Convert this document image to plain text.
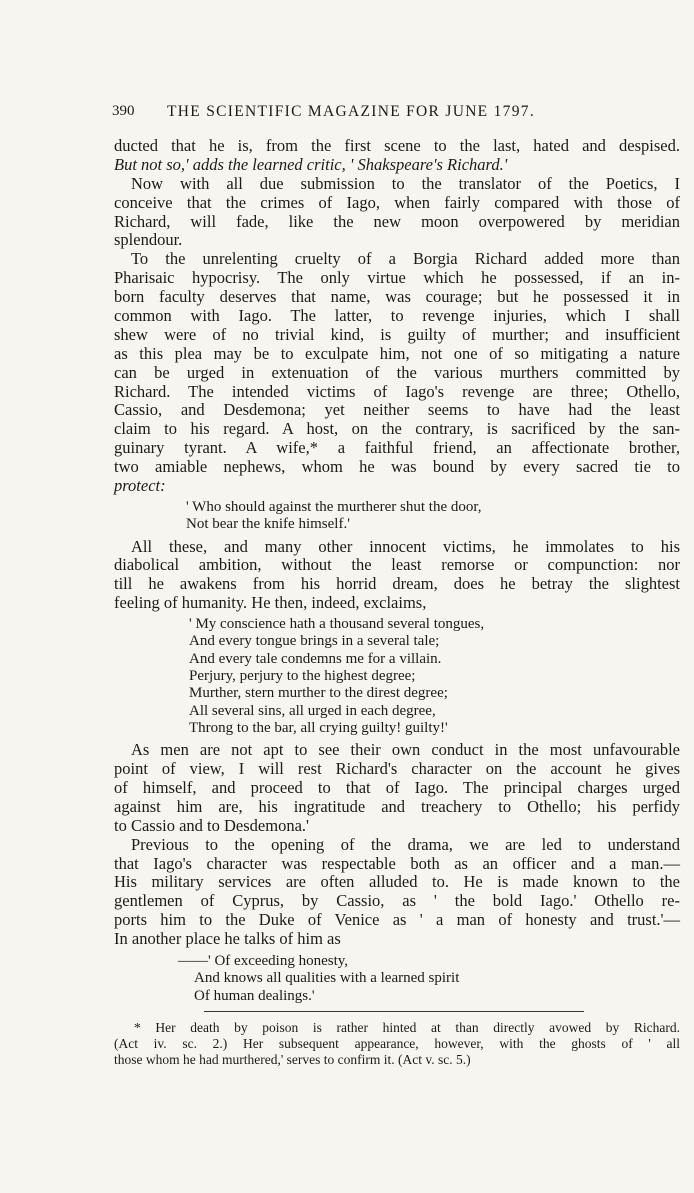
390 THE SCIENTIFIC MAGAZINE FOR JUNE 1797.
ducted that he is, from the first scene to the last, hated and despised.
But not so,' adds the learned critic, ' Shakspeare's Richard.'
Now with all due submission to the translator of the Poetics, I
conceive that the crimes of Iago, when fairly compared with those of
Richard, will fade, like the new moon overpowered by meridian
splendour.
To the unrelenting cruelty of a Borgia Richard added more than
Pharisaic hypocrisy. The only virtue which he possessed, if an in-
born faculty deserves that name, was courage; but he possessed it in
common with Iago. The latter, to revenge injuries, which I shall
shew were of no trivial kind, is guilty of murther; and insufficient
as this plea may be to exculpate him, not one of so mitigating a nature
can be urged in extenuation of the various murthers committed by
Richard. The intended victims of Iago's revenge are three; Othello,
Cassio, and Desdemona; yet neither seems to have had the least
claim to his regard. A host, on the contrary, is sacrificed by the san-
guinary tyrant. A wife,* a faithful friend, an affectionate brother,
two amiable nephews, whom he was bound by every sacred tie to
protect:
' Who should against the murtherer shut the door,
Not bear the knife himself.'
All these, and many other innocent victims, he immolates to his
diabolical ambition, without the least remorse or compunction: nor
till he awakens from his horrid dream, does he betray the slightest
feeling of humanity. He then, indeed, exclaims,
' My conscience hath a thousand several tongues,
And every tongue brings in a several tale;
And every tale condemns me for a villain.
Perjury, perjury to the highest degree;
Murther, stern murther to the direst degree;
All several sins, all urged in each degree,
Throng to the bar, all crying guilty! guilty!'
As men are not apt to see their own conduct in the most unfavourable
point of view, I will rest Richard's character on the account he gives
of himself, and proceed to that of Iago. The principal charges urged
against him are, his ingratitude and treachery to Othello; his perfidy
to Cassio and to Desdemona.'
Previous to the opening of the drama, we are led to understand
that Iago's character was respectable both as an officer and a man.—
His military services are often alluded to. He is made known to the
gentlemen of Cyprus, by Cassio, as ' the bold Iago.' Othello re-
ports him to the Duke of Venice as ' a man of honesty and trust.'—
In another place he talks of him as
——' Of exceeding honesty,
And knows all qualities with a learned spirit
Of human dealings.'
* Her death by poison is rather hinted at than directly avowed by Richard.
(Act iv. sc. 2.) Her subsequent appearance, however, with the ghosts of ' all
those whom he had murthered,' serves to confirm it. (Act v. sc. 5.)
